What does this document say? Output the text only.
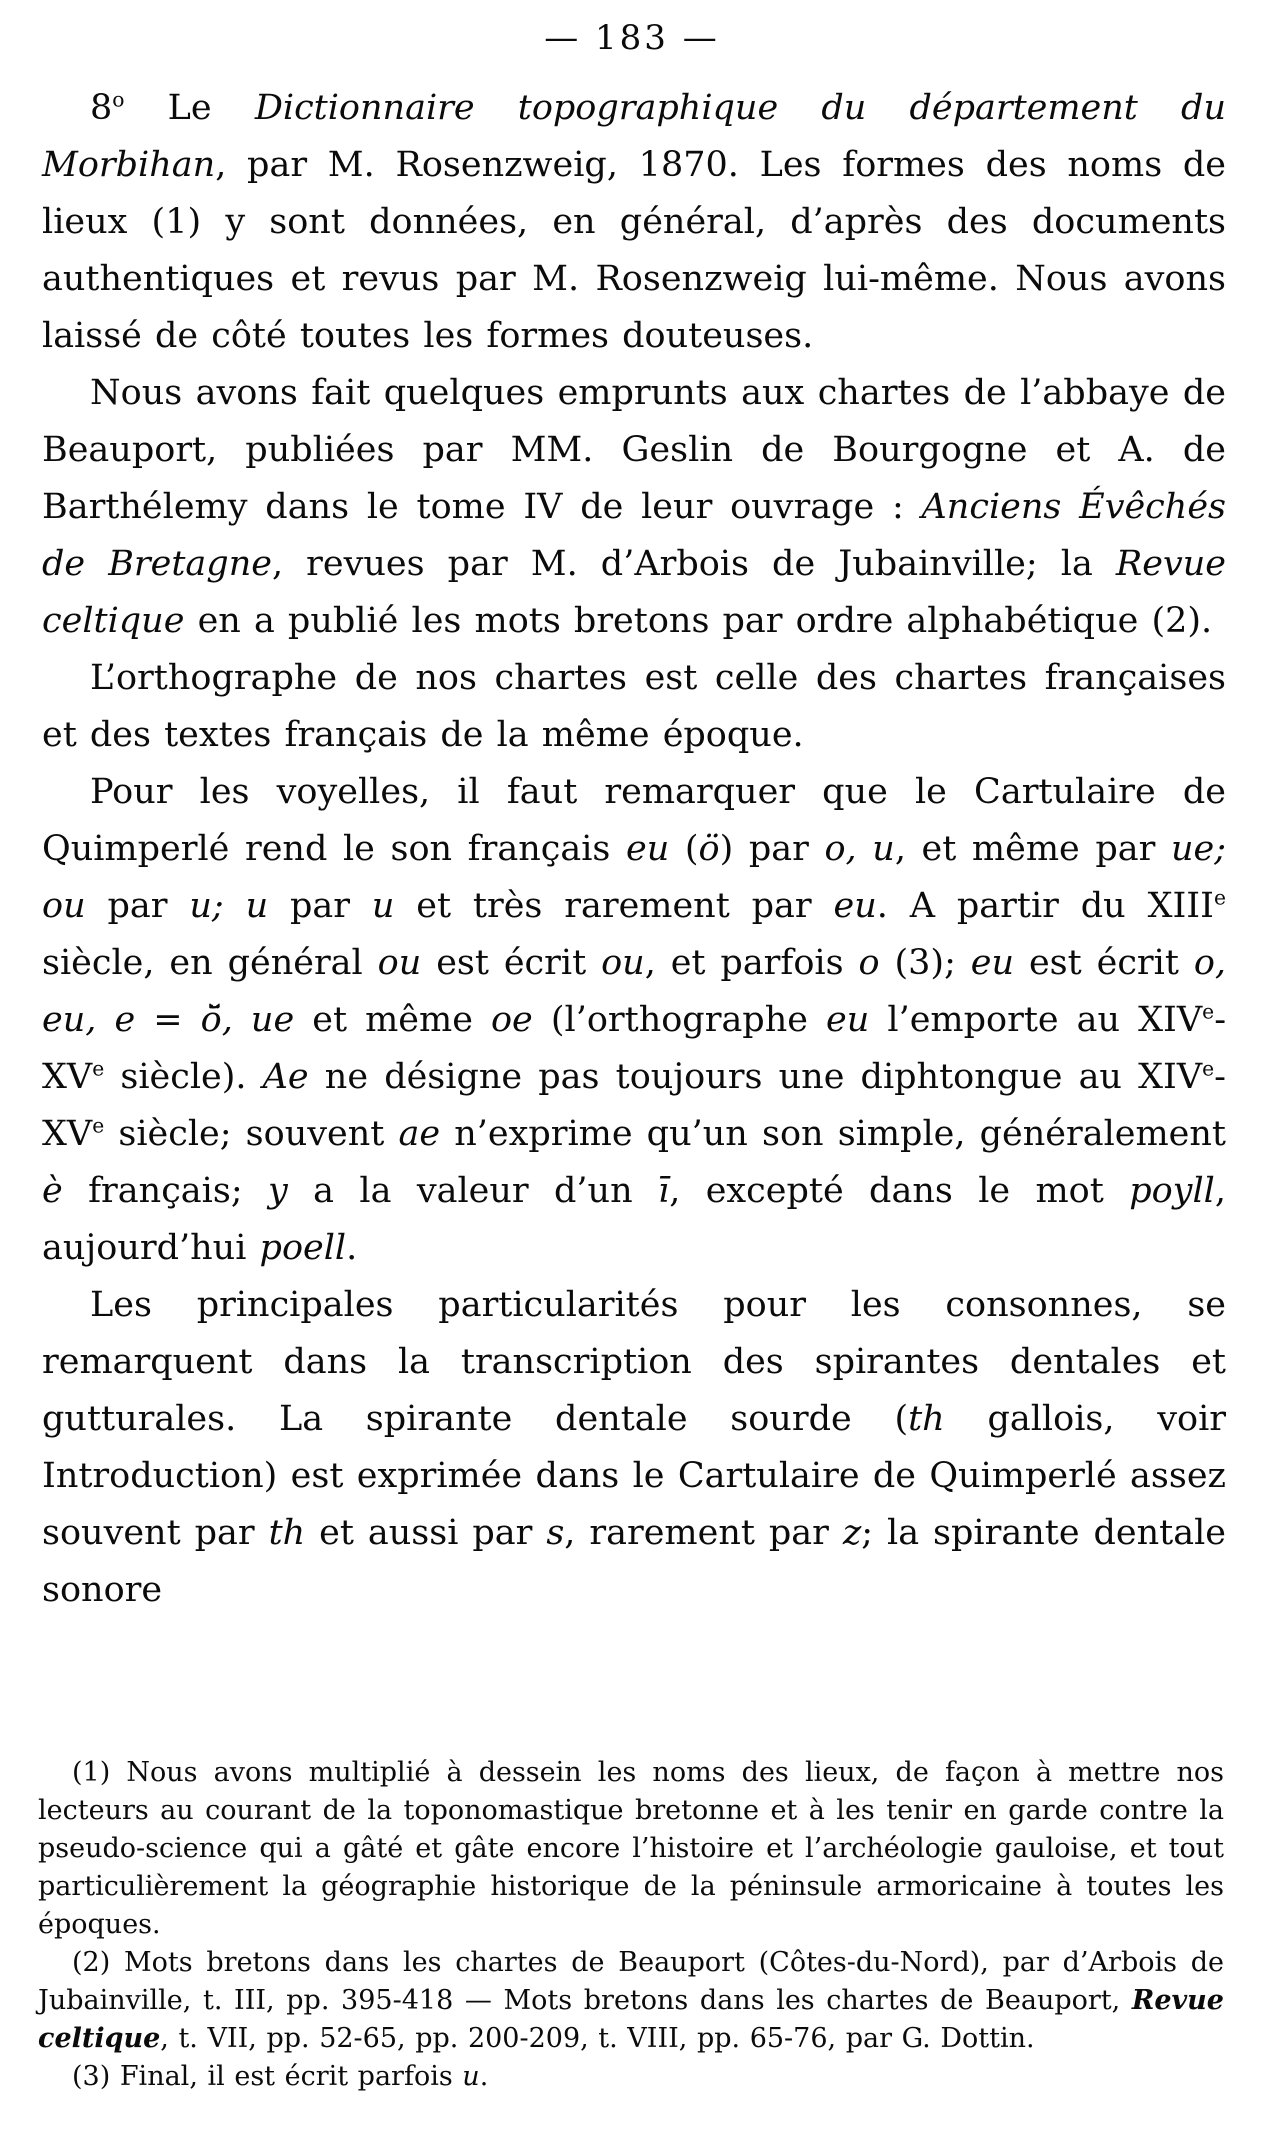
— 183 —

8$^o$ Le Dictionnaire topographique du département du Morbihan, par M. Rosenzweig, 1870. Les formes des noms de lieux (1) y sont données, en général, d’après des documents authentiques et revus par M. Rosenzweig lui-même. Nous avons laissé de côté toutes les formes douteuses.

Nous avons fait quelques emprunts aux chartes de l’abbaye de Beauport, publiées par MM. Geslin de Bourgogne et A. de Barthélemy dans le tome IV de leur ouvrage : Anciens Évêchés de Bretagne, revues par M. d’Arbois de Jubainville; la Revue celtique en a publié les mots bretons par ordre alphabétique (2).

L’orthographe de nos chartes est celle des chartes françaises et des textes français de la même époque.

Pour les voyelles, il faut remarquer que le Cartulaire de Quimperlé rend le son français eu (ö) par o, u, et même par ue; ou par u; u par u et très rarement par eu. A partir du XIIIe siècle, en général ou est écrit ou, et parfois o (3); eu est écrit o, eu, e = ö̆, ue et même oe (l’orthographe eu l’emporte au XIVe-XVe siècle). Ae ne désigne pas toujours une diphtongue au XIVe-XVe siècle; souvent ae n’exprime qu’un son simple, généralement è français; y a la valeur d’un ī, excepté dans le mot poyll, aujourd’hui poell.

Les principales particularités pour les consonnes, se remarquent dans la transcription des spirantes dentales et gutturales. La spirante dentale sourde (th gallois, voir Introduction) est exprimée dans le Cartulaire de Quimperlé assez souvent par th et aussi par s, rarement par z; la spirante dentale sonore

(1) Nous avons multiplié à dessein les noms des lieux, de façon à mettre nos lecteurs au courant de la toponomastique bretonne et à les tenir en garde contre la pseudo-science qui a gâté et gâte encore l’histoire et l’archéologie gauloise, et tout particulièrement la géographie historique de la péninsule armoricaine à toutes les époques.

(2) Mots bretons dans les chartes de Beauport (Côtes-du-Nord), par d’Arbois de Jubainville, t. III, pp. 395-418 — Mots bretons dans les chartes de Beauport, Revue celtique, t. VII, pp. 52-65, pp. 200-209, t. VIII, pp. 65-76, par G. Dottin.

(3) Final, il est écrit parfois u.
